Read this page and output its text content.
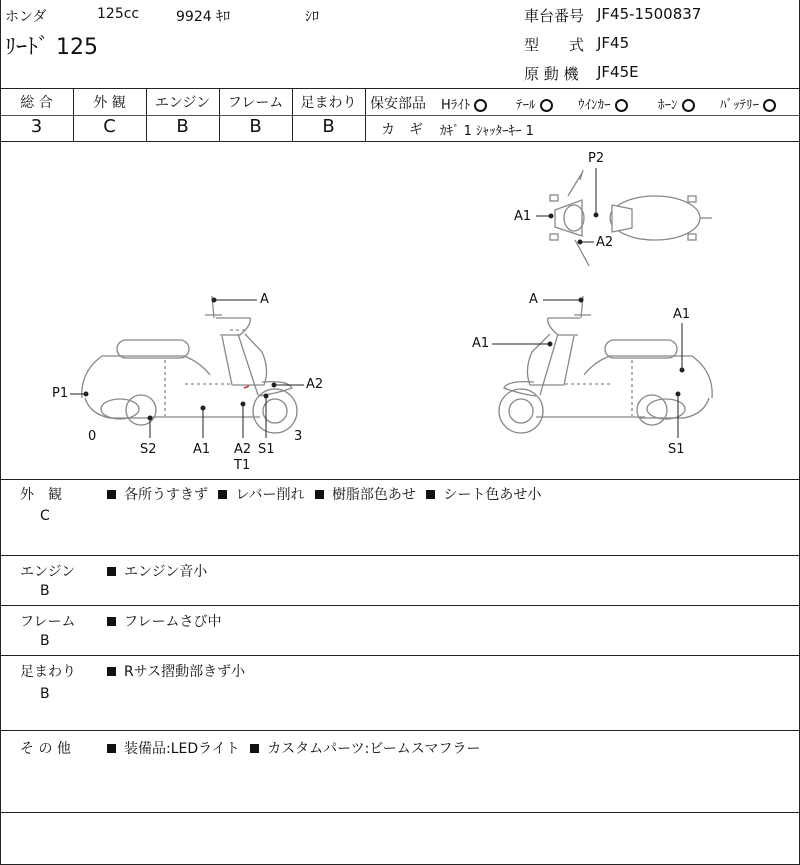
ホンダ	125cc	9924 ｷﾛ	ｼﾛ
ﾘｰﾄﾞ 125
車台番号 JF45-1500837
型　　式 JF45
原 動 機 JF45E
総 合	外 観	エンジン	フレーム	足まわり
3	C	B	B	B
保安部品 Hﾗｲﾄ	ﾃｰﾙ	ｳｲﾝｶｰ	ﾎｰﾝ	ﾊﾞｯﾃﾘｰ
カ　ギ ｶｷﾞ 1 ｼｬｯﾀｰｷｰ 1
A
A2
P1
0
S2	A1 A2
T1
S1
3
A
A1
A1
S1
P2
A1
A2
外　観
C
各所うすきず レバー削れ 樹脂部色あせ シート色あせ小
エンジン
B
エンジン音小
フレーム
B
フレームさび中
足まわり
B
Rサス摺動部きず小
そ の 他	装備品:LEDライト カスタムパーツ:ビームスマフラー
